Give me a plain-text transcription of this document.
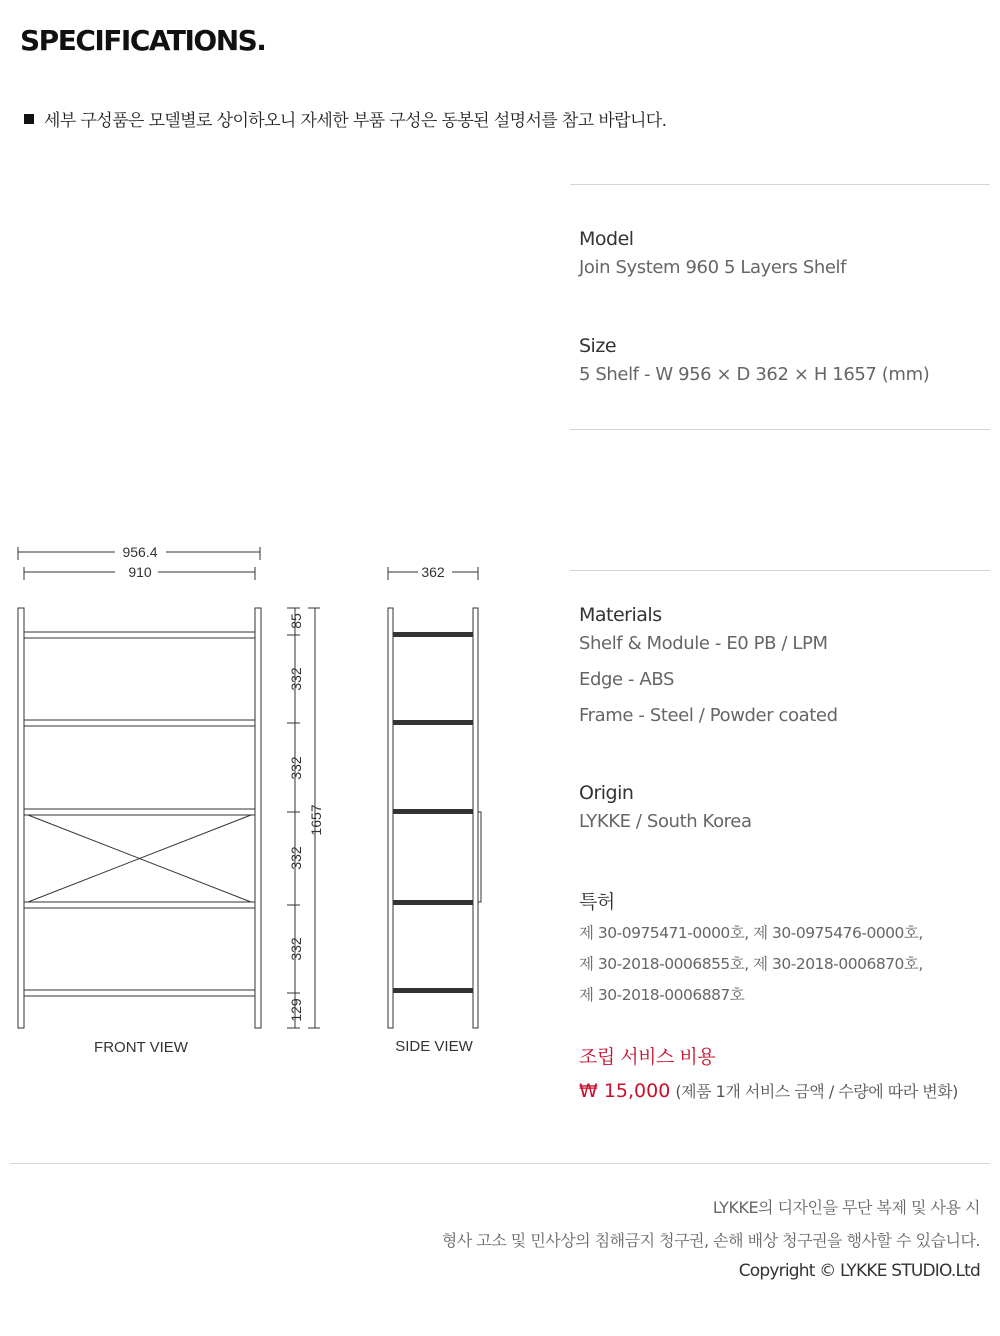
SPECIFICATIONS.
세부 구성품은 모델별로 상이하오니 자세한 부품 구성은 동봉된 설명서를 참고 바랍니다.
Model
Join System 960 5 Layers Shelf
Size
5 Shelf - W 956 × D 362 × H 1657 (mm)
Materials
Shelf & Module - E0 PB / LPM
Edge - ABS
Frame - Steel / Powder coated
Origin
LYKKE / South Korea
특허
제 30-0975471-0000호, 제 30-0975476-0000호,
제 30-2018-0006855호, 제 30-2018-0006870호,
제 30-2018-0006887호
조립 서비스 비용
₩ 15,000 (제품 1개 서비스 금액 / 수량에 따라 변화)
956.4
910	362
85
332
332
332
332
129
1657
FRONT VIEW	SIDE VIEW
LYKKE의 디자인을 무단 복제 및 사용 시
형사 고소 및 민사상의 침해금지 청구권, 손해 배상 청구권을 행사할 수 있습니다.
Copyright © LYKKE STUDIO.Ltd
